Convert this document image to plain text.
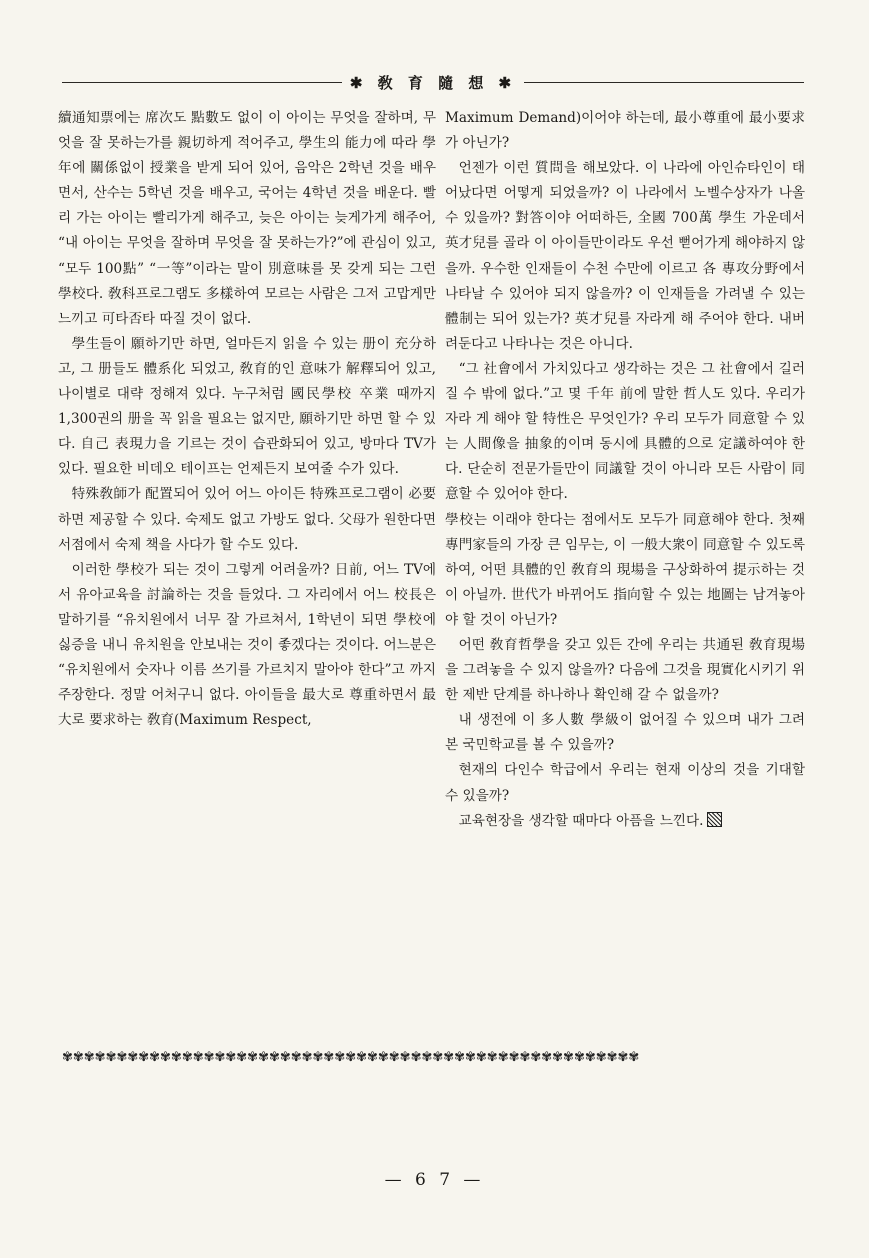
✱ 敎 育 隨 想 ✱

續通知票에는 席次도 點數도 없이 이 아이는 무엇을 잘하며, 무엇을 잘 못하는가를 親切하게 적어주고, 學生의 能力에 따라 學年에 關係없이 授業을 받게 되어 있어, 음악은 2학년 것을 배우면서, 산수는 5학년 것을 배우고, 국어는 4학년 것을 배운다. 빨리 가는 아이는 빨리가게 해주고, 늦은 아이는 늦게가게 해주어, “내 아이는 무엇을 잘하며 무엇을 잘 못하는가?”에 관심이 있고, “모두 100點” “一等”이라는 말이 別意味를 못 갖게 되는 그런 學校다. 敎科프로그램도 多樣하여 모르는 사람은 그저 고맙게만 느끼고 可타否타 따질 것이 없다.

學生들이 願하기만 하면, 얼마든지 읽을 수 있는 册이 充分하고, 그 册들도 體系化 되었고, 敎育的인 意味가 解釋되어 있고, 나이별로 대략 정해져 있다. 누구처럼 國民學校 卒業 때까지 1,300권의 册을 꼭 읽을 필요는 없지만, 願하기만 하면 할 수 있다. 自己 表現力을 기르는 것이 습관화되어 있고, 방마다 TV가 있다. 필요한 비데오 테이프는 언제든지 보여줄 수가 있다.

特殊敎師가 配置되어 있어 어느 아이든 特殊프로그램이 必要하면 제공할 수 있다. 숙제도 없고 가방도 없다. 父母가 원한다면 서점에서 숙제 책을 사다가 할 수도 있다.

이러한 學校가 되는 것이 그렇게 어려울까? 日前, 어느 TV에서 유아교육을 討論하는 것을 들었다. 그 자리에서 어느 校長은 말하기를 “유치원에서 너무 잘 가르쳐서, 1학년이 되면 學校에 싫증을 내니 유치원을 안보내는 것이 좋겠다는 것이다. 어느분은 “유치원에서 숫자나 이름 쓰기를 가르치지 말아야 한다”고 까지 주장한다. 정말 어처구니 없다. 아이들을 最大로 尊重하면서 最大로 要求하는 敎育(Maximum Respect,

Maximum Demand)이어야 하는데, 最小尊重에 最小要求가 아닌가?

언젠가 이런 質問을 해보았다. 이 나라에 아인슈타인이 태어났다면 어떻게 되었을까? 이 나라에서 노벨수상자가 나올 수 있을까? 對答이야 어떠하든, 全國 700萬 學生 가운데서 英才兒를 골라 이 아이들만이라도 우선 뻗어가게 해야하지 않을까. 우수한 인재들이 수천 수만에 이르고 各 專攻分野에서 나타날 수 있어야 되지 않을까? 이 인재들을 가려낼 수 있는 體制는 되어 있는가? 英才兒를 자라게 해 주어야 한다. 내버려둔다고 나타나는 것은 아니다.

“그 社會에서 가치있다고 생각하는 것은 그 社會에서 길러질 수 밖에 없다.”고 몇 千年 前에 말한 哲人도 있다. 우리가 자라 게 해야 할 特性은 무엇인가? 우리 모두가 同意할 수 있는 人間像을 抽象的이며 동시에 具體的으로 定議하여야 한다. 단순히 전문가들만이 同議할 것이 아니라 모든 사람이 同意할 수 있어야 한다.

學校는 이래야 한다는 점에서도 모두가 同意해야 한다. 첫째 專門家들의 가장 큰 임무는, 이 一般大衆이 同意할 수 있도록 하여, 어떤 具體的인 敎育의 現場을 구상화하여 提示하는 것이 아닐까. 世代가 바뀌어도 指向할 수 있는 地圖는 남겨놓아야 할 것이 아닌가?

어떤 敎育哲學을 갖고 있든 간에 우리는 共通된 敎育現場을 그려놓을 수 있지 않을까? 다음에 그것을 現實化시키기 위한 제반 단계를 하나하나 확인해 갈 수 없을까?

내 생전에 이 多人數 學級이 없어질 수 있으며 내가 그려 본 국민학교를 볼 수 있을까?

현재의 다인수 학급에서 우리는 현재 이상의 것을 기대할 수 있을까?

교육현장을 생각할 때마다 아픔을 느낀다.

✾✾✾✾✾✾✾✾✾✾✾✾✾✾✾✾✾✾✾✾✾✾✾✾✾✾✾✾✾✾✾✾✾✾✾✾✾✾✾✾✾✾✾✾✾✾✾✾✾✾✾✾✾
— 6 7 —
